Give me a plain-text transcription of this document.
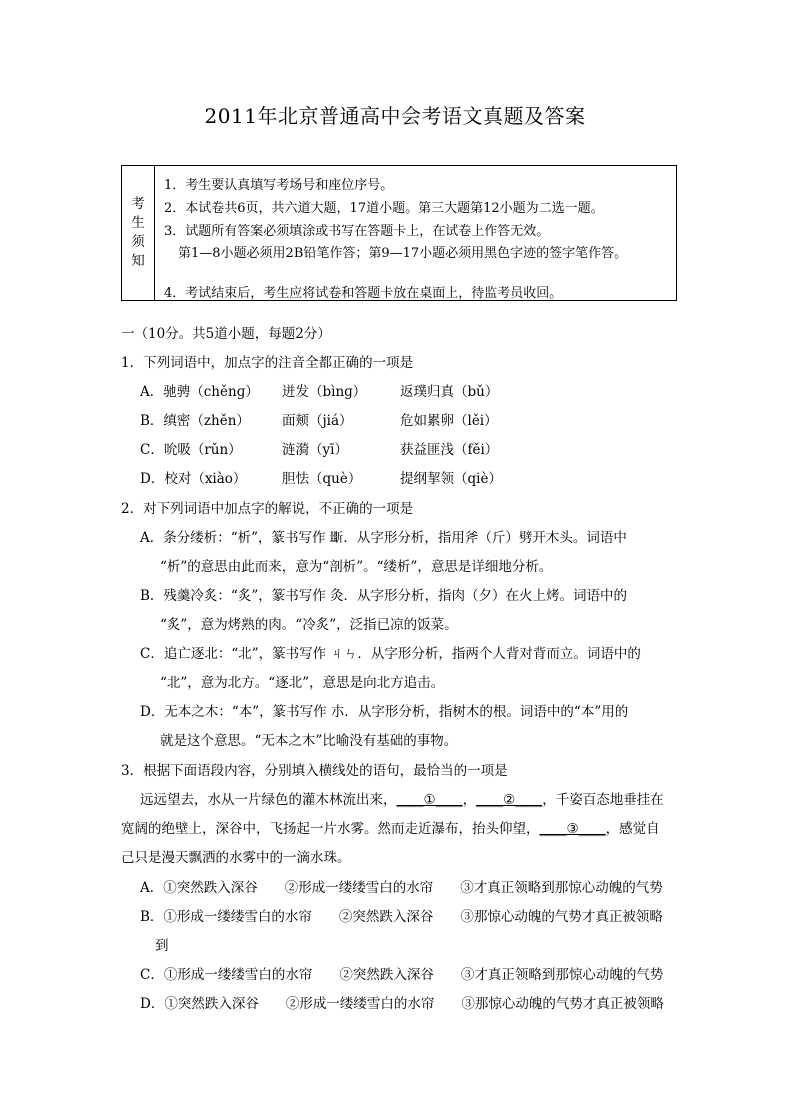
2011年北京普通高中会考语文真题及答案
考
生
须
知
1．考生要认真填写考场号和座位序号。
2．本试卷共6页，共六道大题，17道小题。第三大题第12小题为二选一题。
3．试题所有答案必须填涂或书写在答题卡上，在试卷上作答无效。
第1—8小题必须用2B铅笔作答；第9—17小题必须用黑色字迹的签字笔作答。
4．考试结束后，考生应将试卷和答题卡放在桌面上，待监考员收回。
一（10分。共5道小题，每题2分）
1．下列词语中，加点字的注音全都正确的一项是
A．驰骋（chěnɡ） 迸发（bìnɡ） 返璞归真（bǔ）
B．缜密（zhěn） 面颊（jiá）	危如累卵（lěi）
C．吮吸（rǔn）	涟漪（yī）	获益匪浅（fěi）
D．校对（xiào）	胆怯（què）	提纲挈领（qiè）
2．对下列词语中加点字的解说，不正确的一项是
A．条分缕析：“析”，篆书写作 𣃔．从字形分析，指用斧（斤）劈开木头。词语中
“析”的意思由此而来，意为“剖析”。“缕析”，意思是详细地分析。
B．残羹冷炙：“炙”，篆书写作 灸．从字形分析，指肉（夕）在火上烤。词语中的
“炙”，意为烤熟的肉。“冷炙”，泛指已凉的饭菜。
C．追亡逐北：“北”，篆书写作 ㄐㄣ．从字形分析，指两个人背对背而立。词语中的
“北”，意为北方。“逐北”，意思是向北方追击。
D．无本之木：“本”，篆书写作 朩．从字形分析，指树木的根。词语中的“本”用的
就是这个意思。“无本之木”比喻没有基础的事物。
3．根据下面语段内容，分别填入横线处的语句，最恰当的一项是
远远望去，水从一片绿色的灌木林流出来，____①____，____②____，千姿百态地垂挂在
宽阔的绝壁上，深谷中，飞扬起一片水雾。然而走近瀑布，抬头仰望，____③____，感觉自
己只是漫天飘洒的水雾中的一滴水珠。
A．①突然跌入深谷　　②形成一缕缕雪白的水帘　　③才真正领略到那惊心动魄的气势
B．①形成一缕缕雪白的水帘　　②突然跌入深谷　　③那惊心动魄的气势才真正被领略
到
C．①形成一缕缕雪白的水帘　　②突然跌入深谷　　③才真正领略到那惊心动魄的气势
D．①突然跌入深谷　　②形成一缕缕雪白的水帘　　③那惊心动魄的气势才真正被领略
